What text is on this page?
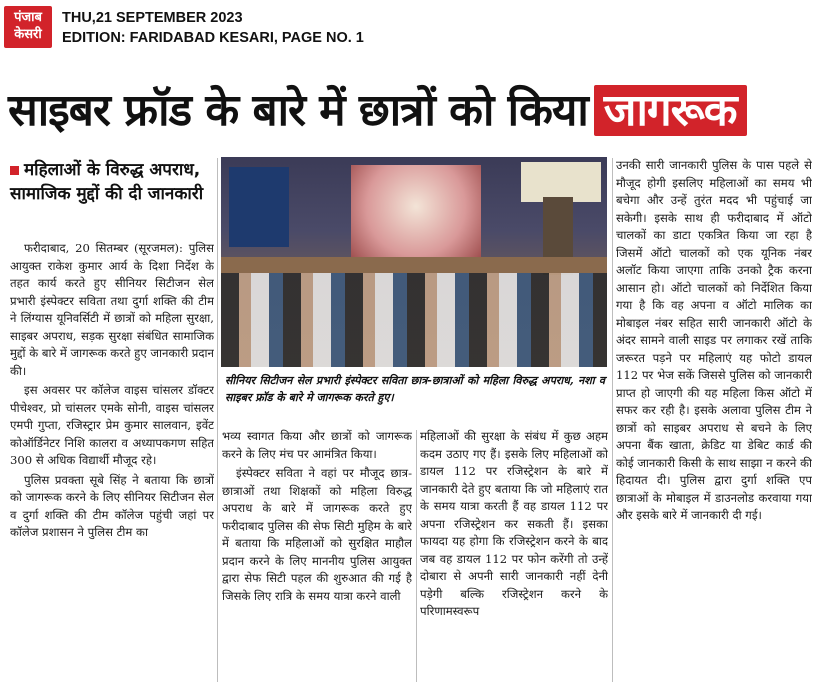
पंजाब
केसरी
THU,21 SEPTEMBER 2023
EDITION: FARIDABAD KESARI, PAGE NO. 1
साइबर फ्रॉड के बारे में छात्रों को किया जागरूक
महिलाओं के विरुद्ध अपराध, सामाजिक मुद्दों की दी जानकारी

फरीदाबाद, 20 सितम्बर (सूरजमल): पुलिस आयुक्त राकेश कुमार आर्य के दिशा निर्देश के तहत कार्य करते हुए सीनियर सिटीजन सेल प्रभारी इंस्पेक्टर सविता तथा दुर्गा शक्ति की टीम ने लिंग्यास यूनिवर्सिटी में छात्रों को महिला सुरक्षा, साइबर अपराध, सड़क सुरक्षा संबंधित सामाजिक मुद्दों के बारे में जागरूक करते हुए जानकारी प्रदान की।

इस अवसर पर कॉलेज वाइस चांसलर डॉक्टर पीचेश्वर, प्रो चांसलर एमके सोनी, वाइस चांसलर एमपी गुप्ता, रजिस्ट्रार प्रेम कुमार सालवान, इवेंट कोऑर्डिनेटर निशि कालरा व अध्यापकगण सहित 300 से अधिक विद्यार्थी मौजूद रहे।

पुलिस प्रवक्ता सूबे सिंह ने बताया कि छात्रों को जागरूक करने के लिए सीनियर सिटीजन सेल व दुर्गा शक्ति की टीम कॉलेज पहुंची जहां पर कॉलेज प्रशासन ने पुलिस टीम का

सीनियर सिटीजन सेल प्रभारी इंस्पेक्टर सविता छात्र-छात्राओं को महिला विरुद्ध अपराध, नशा व साइबर फ्रॉड के बारे मे जागरूक करते हुए।

भव्य स्वागत किया और छात्रों को जागरूक करने के लिए मंच पर आमंत्रित किया।

इंस्पेक्टर सविता ने वहां पर मौजूद छात्र-छात्राओं तथा शिक्षकों को महिला विरुद्ध अपराध के बारे में जागरूक करते हुए फरीदाबाद पुलिस की सेफ सिटी मुहिम के बारे में बताया कि महिलाओं को सुरक्षित माहौल प्रदान करने के लिए माननीय पुलिस आयुक्त द्वारा सेफ सिटी पहल की शुरुआत की गई है जिसके लिए रात्रि के समय यात्रा करने वाली

महिलाओं की सुरक्षा के संबंध में कुछ अहम कदम उठाए गए हैं। इसके लिए महिलाओं को डायल 112 पर रजिस्ट्रेशन के बारे में जानकारी देते हुए बताया कि जो महिलाएं रात के समय यात्रा करती हैं वह डायल 112 पर अपना रजिस्ट्रेशन कर सकती हैं। इसका फायदा यह होगा कि रजिस्ट्रेशन करने के बाद जब वह डायल 112 पर फोन करेंगी तो उन्हें दोबारा से अपनी सारी जानकारी नहीं देनी पड़ेगी बल्कि रजिस्ट्रेशन करने के परिणामस्वरूप

उनकी सारी जानकारी पुलिस के पास पहले से मौजूद होगी इसलिए महिलाओं का समय भी बचेगा और उन्हें तुरंत मदद भी पहुंचाई जा सकेगी। इसके साथ ही फरीदाबाद में ऑटो चालकों का डाटा एकत्रित किया जा रहा है जिसमें ऑटो चालकों को एक यूनिक नंबर अलॉट किया जाएगा ताकि उनको ट्रैक करना आसान हो। ऑटो चालकों को निर्देशित किया गया है कि वह अपना व ऑटो मालिक का मोबाइल नंबर सहित सारी जानकारी ऑटो के अंदर सामने वाली साइड पर लगाकर रखें ताकि जरूरत पड़ने पर महिलाएं यह फोटो डायल 112 पर भेज सकें जिससे पुलिस को जानकारी प्राप्त हो जाएगी की यह महिला किस ऑटो में सफर कर रही है। इसके अलावा पुलिस टीम ने छात्रों को साइबर अपराध से बचने के लिए अपना बैंक खाता, क्रेडिट या डेबिट कार्ड की कोई जानकारी किसी के साथ साझा न करने की हिदायत दी। पुलिस द्वारा दुर्गा शक्ति एप छात्राओं के मोबाइल में डाउनलोड करवाया गया और इसके बारे में जानकारी दी गई।
